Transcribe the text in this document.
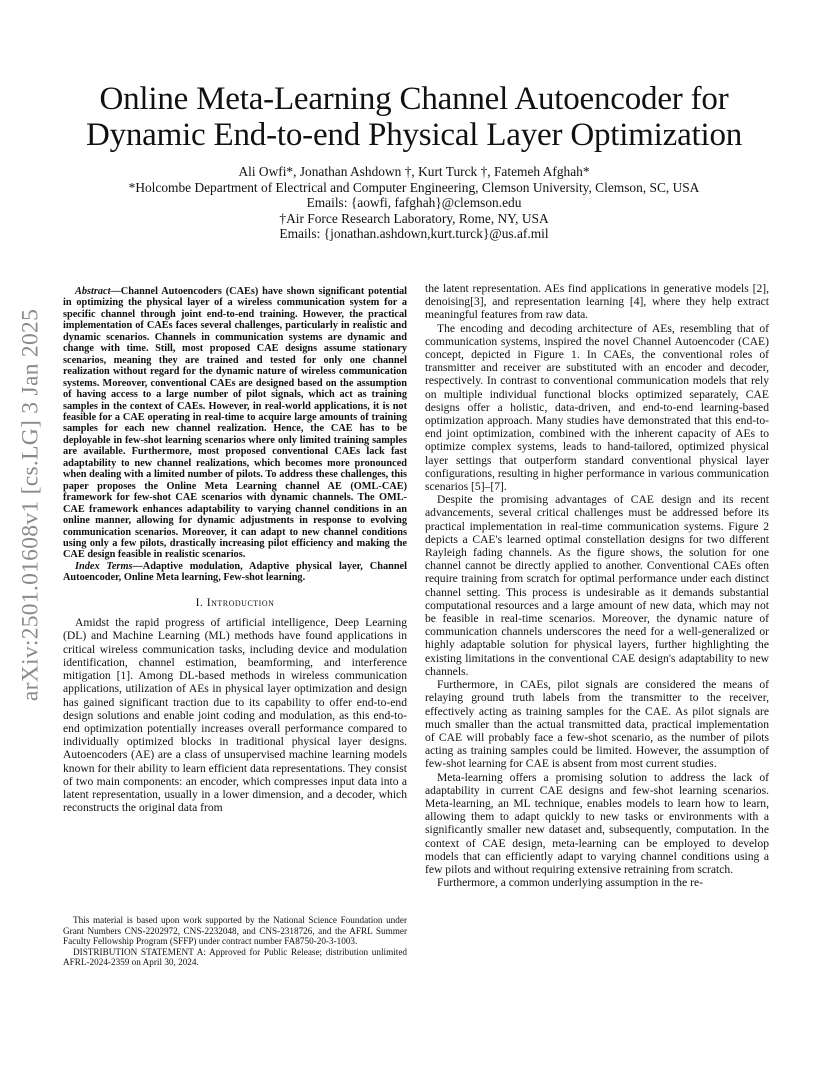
arXiv:2501.01608v1 [cs.LG] 3 Jan 2025
Online Meta-Learning Channel Autoencoder for
Dynamic End-to-end Physical Layer Optimization
Ali Owfi*, Jonathan Ashdown †, Kurt Turck †, Fatemeh Afghah*
*Holcombe Department of Electrical and Computer Engineering, Clemson University, Clemson, SC, USA
Emails: {aowfi, fafghah}@clemson.edu
†Air Force Research Laboratory, Rome, NY, USA
Emails: {jonathan.ashdown,kurt.turck}@us.af.mil

Abstract—Channel Autoencoders (CAEs) have shown significant potential in optimizing the physical layer of a wireless communication system for a specific channel through joint end-to-end training. However, the practical implementation of CAEs faces several challenges, particularly in realistic and dynamic scenarios. Channels in communication systems are dynamic and change with time. Still, most proposed CAE designs assume stationary scenarios, meaning they are trained and tested for only one channel realization without regard for the dynamic nature of wireless communication systems. Moreover, conventional CAEs are designed based on the assumption of having access to a large number of pilot signals, which act as training samples in the context of CAEs. However, in real-world applications, it is not feasible for a CAE operating in real-time to acquire large amounts of training samples for each new channel realization. Hence, the CAE has to be deployable in few-shot learning scenarios where only limited training samples are available. Furthermore, most proposed conventional CAEs lack fast adaptability to new channel realizations, which becomes more pronounced when dealing with a limited number of pilots. To address these challenges, this paper proposes the Online Meta Learning channel AE (OML-CAE) framework for few-shot CAE scenarios with dynamic channels. The OML-CAE framework enhances adaptability to varying channel conditions in an online manner, allowing for dynamic adjustments in response to evolving communication scenarios. Moreover, it can adapt to new channel conditions using only a few pilots, drastically increasing pilot efficiency and making the CAE design feasible in realistic scenarios.

Index Terms—Adaptive modulation, Adaptive physical layer, Channel Autoencoder, Online Meta learning, Few-shot learning.

I. Introduction

Amidst the rapid progress of artificial intelligence, Deep Learning (DL) and Machine Learning (ML) methods have found applications in critical wireless communication tasks, including device and modulation identification, channel estimation, beamforming, and interference mitigation [1]. Among DL-based methods in wireless communication applications, utilization of AEs in physical layer optimization and design has gained significant traction due to its capability to offer end-to-end design solutions and enable joint coding and modulation, as this end-to-end optimization potentially increases overall performance compared to individually optimized blocks in traditional physical layer designs. Autoencoders (AE) are a class of unsupervised machine learning models known for their ability to learn efficient data representations. They consist of two main components: an encoder, which compresses input data into a latent representation, usually in a lower dimension, and a decoder, which reconstructs the original data from

This material is based upon work supported by the National Science Foundation under Grant Numbers CNS-2202972, CNS-2232048, and CNS-2318726, and the AFRL Summer Faculty Fellowship Program (SFFP) under contract number FA8750-20-3-1003.

DISTRIBUTION STATEMENT A: Approved for Public Release; distribution unlimited AFRL-2024-2359 on April 30, 2024.

the latent representation. AEs find applications in generative models [2], denoising[3], and representation learning [4], where they help extract meaningful features from raw data.

The encoding and decoding architecture of AEs, resembling that of communication systems, inspired the novel Channel Autoencoder (CAE) concept, depicted in Figure 1. In CAEs, the conventional roles of transmitter and receiver are substituted with an encoder and decoder, respectively. In contrast to conventional communication models that rely on multiple individual functional blocks optimized separately, CAE designs offer a holistic, data-driven, and end-to-end learning-based optimization approach. Many studies have demonstrated that this end-to-end joint optimization, combined with the inherent capacity of AEs to optimize complex systems, leads to hand-tailored, optimized physical layer settings that outperform standard conventional physical layer configurations, resulting in higher performance in various communication scenarios [5]–[7].

Despite the promising advantages of CAE design and its recent advancements, several critical challenges must be addressed before its practical implementation in real-time communication systems. Figure 2 depicts a CAE's learned optimal constellation designs for two different Rayleigh fading channels. As the figure shows, the solution for one channel cannot be directly applied to another. Conventional CAEs often require training from scratch for optimal performance under each distinct channel setting. This process is undesirable as it demands substantial computational resources and a large amount of new data, which may not be feasible in real-time scenarios. Moreover, the dynamic nature of communication channels underscores the need for a well-generalized or highly adaptable solution for physical layers, further highlighting the existing limitations in the conventional CAE design's adaptability to new channels.

Furthermore, in CAEs, pilot signals are considered the means of relaying ground truth labels from the transmitter to the receiver, effectively acting as training samples for the CAE. As pilot signals are much smaller than the actual transmitted data, practical implementation of CAE will probably face a few-shot scenario, as the number of pilots acting as training samples could be limited. However, the assumption of few-shot learning for CAE is absent from most current studies.

Meta-learning offers a promising solution to address the lack of adaptability in current CAE designs and few-shot learning scenarios. Meta-learning, an ML technique, enables models to learn how to learn, allowing them to adapt quickly to new tasks or environments with a significantly smaller new dataset and, subsequently, computation. In the context of CAE design, meta-learning can be employed to develop models that can efficiently adapt to varying channel conditions using a few pilots and without requiring extensive retraining from scratch.

Furthermore, a common underlying assumption in the re-
